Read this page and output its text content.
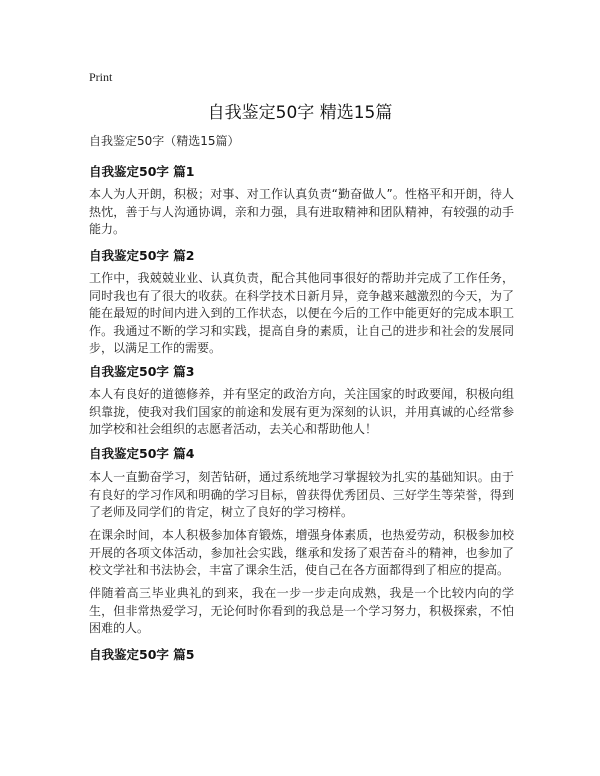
Print
自我鉴定50字 精选15篇
自我鉴定50字（精选15篇）
自我鉴定50字 篇1

本人为人开朗，积极；对事、对工作认真负责“勤奋做人”。性格平和开朗，待人热忱，善于与人沟通协调，亲和力强，具有进取精神和团队精神，有较强的动手能力。

自我鉴定50字 篇2

工作中，我兢兢业业、认真负责，配合其他同事很好的帮助并完成了工作任务，同时我也有了很大的收获。在科学技术日新月异，竞争越来越激烈的今天，为了能在最短的时间内进入到的工作状态，以便在今后的工作中能更好的完成本职工作。我通过不断的学习和实践，提高自身的素质，让自己的进步和社会的发展同步，以满足工作的需要。

自我鉴定50字 篇3

本人有良好的道德修养，并有坚定的政治方向，关注国家的时政要闻，积极向组织靠拢，使我对我们国家的前途和发展有更为深刻的认识，并用真诚的心经常参加学校和社会组织的志愿者活动，去关心和帮助他人！

自我鉴定50字 篇4

本人一直勤奋学习，刻苦钻研，通过系统地学习掌握较为扎实的基础知识。由于有良好的学习作风和明确的学习目标，曾获得优秀团员、三好学生等荣誉，得到了老师及同学们的肯定，树立了良好的学习榜样。

在课余时间，本人积极参加体育锻炼，增强身体素质，也热爱劳动，积极参加校开展的各项文体活动，参加社会实践，继承和发扬了艰苦奋斗的精神，也参加了校文学社和书法协会，丰富了课余生活，使自己在各方面都得到了相应的提高。

伴随着高三毕业典礼的到来，我在一步一步走向成熟，我是一个比较内向的学生，但非常热爱学习，无论何时你看到的我总是一个学习努力，积极探索，不怕困难的人。

自我鉴定50字 篇5
